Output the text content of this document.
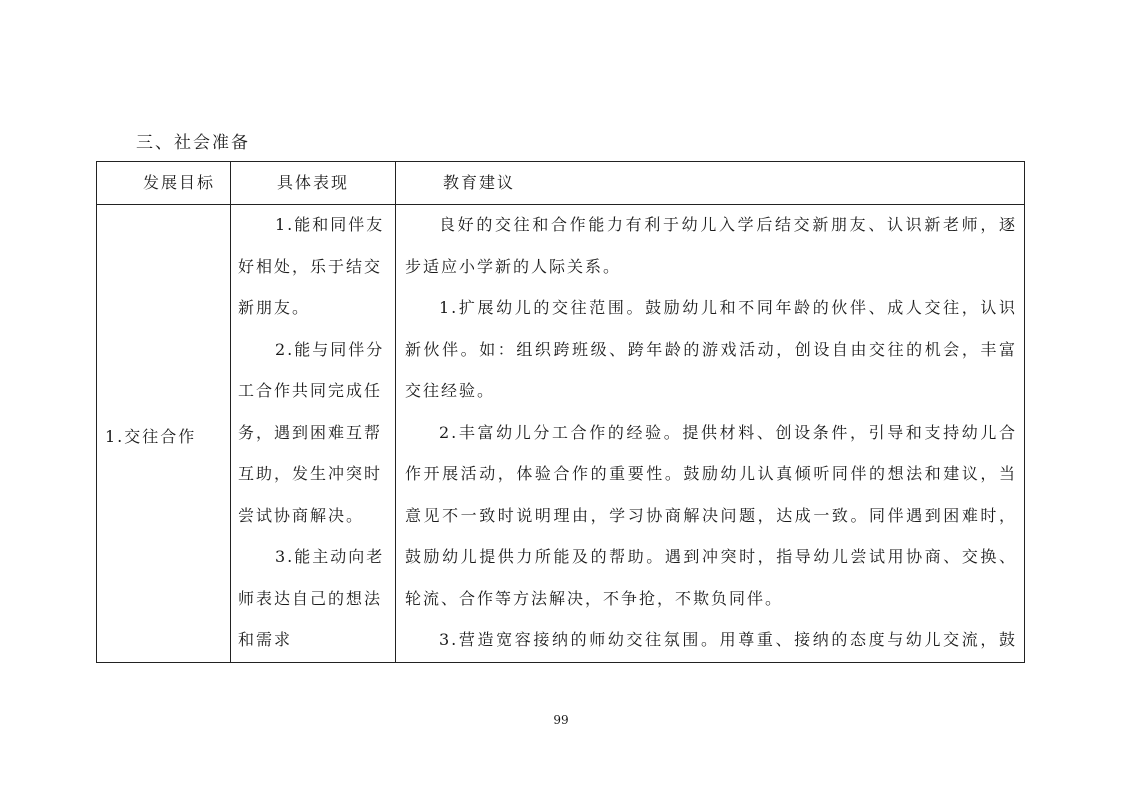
三、社会准备
发展目标	具体表现	教育建议
1.交往合作
1.能和同伴友
好相处，乐于结交
新朋友。
2.能与同伴分
工合作共同完成任
务，遇到困难互帮
互助，发生冲突时
尝试协商解决。
3.能主动向老
师表达自己的想法
和需求
良好的交往和合作能力有利于幼儿入学后结交新朋友、认识新老师，逐
步适应小学新的人际关系。
1.扩展幼儿的交往范围。鼓励幼儿和不同年龄的伙伴、成人交往，认识
新伙伴。如：组织跨班级、跨年龄的游戏活动，创设自由交往的机会，丰富
交往经验。
2.丰富幼儿分工合作的经验。提供材料、创设条件，引导和支持幼儿合
作开展活动，体验合作的重要性。鼓励幼儿认真倾听同伴的想法和建议，当
意见不一致时说明理由，学习协商解决问题，达成一致。同伴遇到困难时，
鼓励幼儿提供力所能及的帮助。遇到冲突时，指导幼儿尝试用协商、交换、
轮流、合作等方法解决，不争抢，不欺负同伴。
3.营造宽容接纳的师幼交往氛围。用尊重、接纳的态度与幼儿交流，鼓
99
